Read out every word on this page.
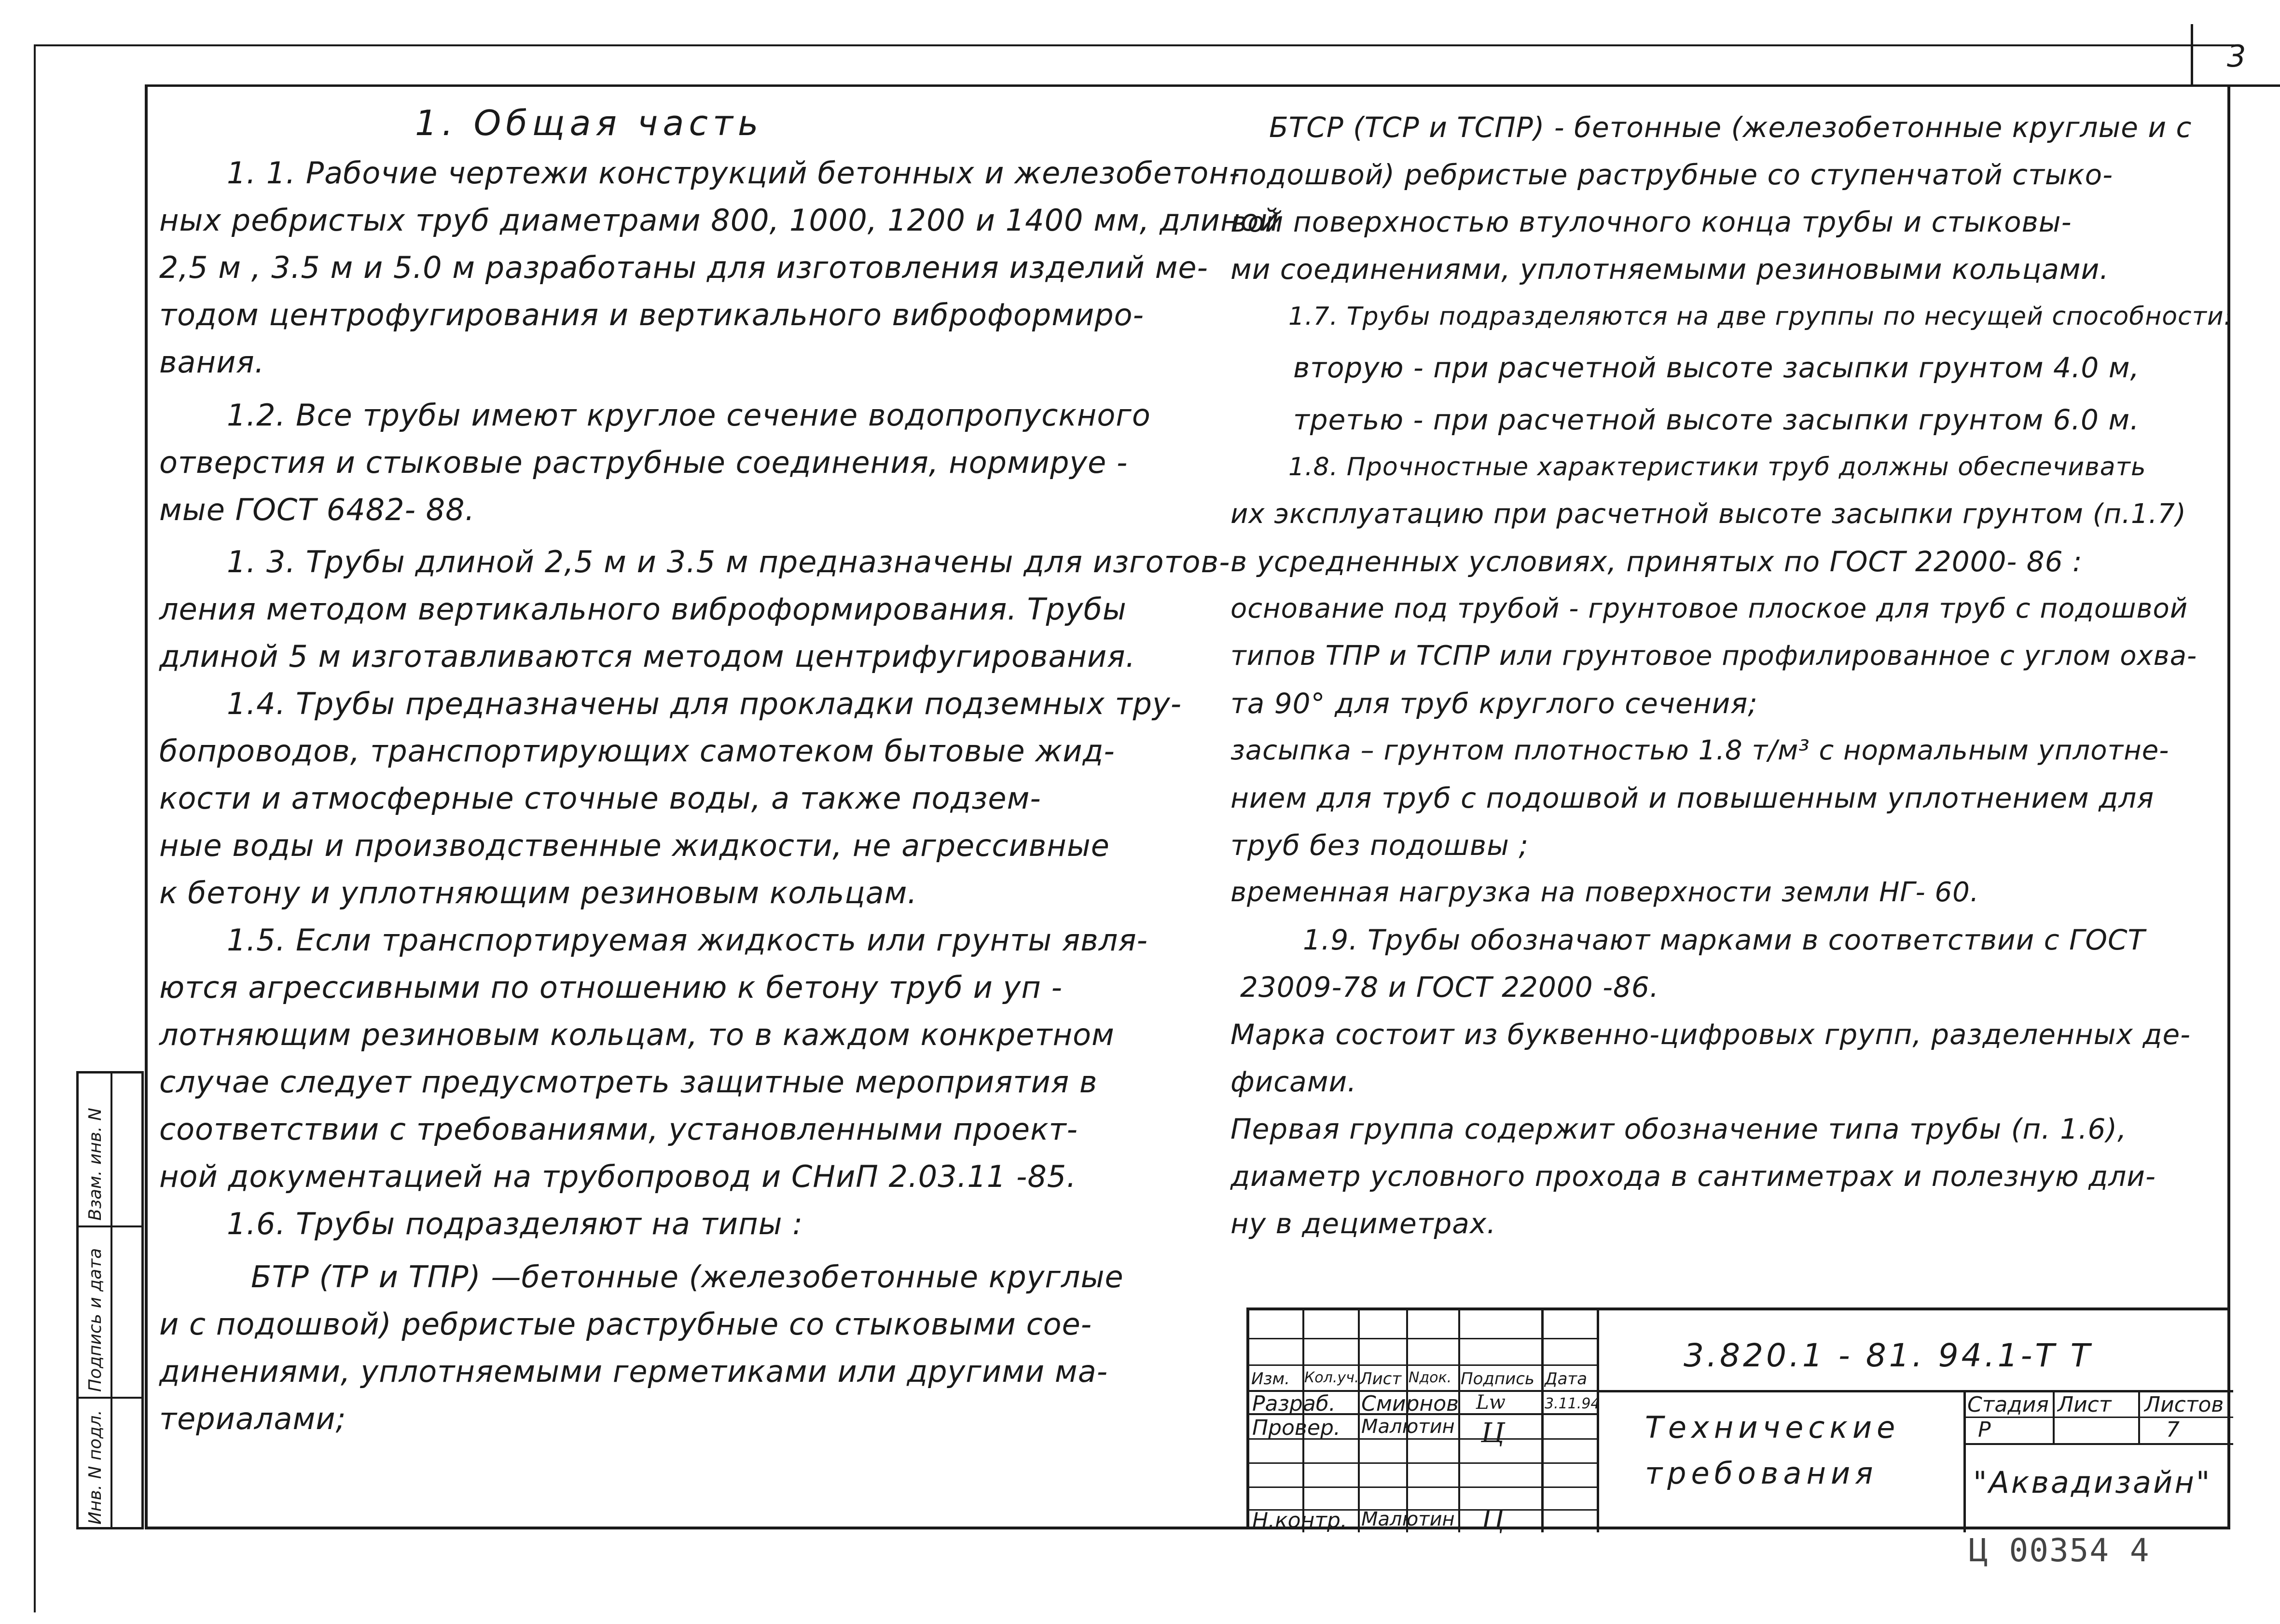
3
Инв. N подл.
Подпись и дата
Взам. инв. N
1. Общая часть
1. 1. Рабочие чертежи конструкций бетонных и железобетон-
ных ребристых труб диаметрами 800, 1000, 1200 и 1400 мм, длиной
2,5 м , 3.5 м и 5.0 м разработаны для изготовления изделий ме-
тодом центрофугирования и вертикального виброформиро-
вания.
1.2. Все трубы имеют круглое сечение водопропускного
отверстия и стыковые раструбные соединения, нормируе -
мые ГОСТ 6482- 88.
1. 3. Трубы длиной 2,5 м и 3.5 м предназначены для изготов-
ления методом вертикального виброформирования. Трубы
длиной 5 м изготавливаются методом центрифугирования.
1.4. Трубы предназначены для прокладки подземных тру-
бопроводов, транспортирующих самотеком бытовые жид-
кости и атмосферные сточные воды, а также подзем-
ные воды и производственные жидкости, не агрессивные
к бетону и уплотняющим резиновым кольцам.
1.5. Если транспортируемая жидкость или грунты явля-
ются агрессивными по отношению к бетону труб и уп -
лотняющим резиновым кольцам, то в каждом конкретном
случае следует предусмотреть защитные мероприятия в
соответствии с требованиями, установленными проект-
ной документацией на трубопровод и СНиП 2.03.11 -85.
1.6. Трубы подразделяют на типы :
БТР (ТР и ТПР) —бетонные (железобетонные круглые
и с подошвой) ребристые раструбные со стыковыми сое-
динениями, уплотняемыми герметиками или другими ма-
териалами;
БТСР (ТСР и ТСПР) - бетонные (железобетонные круглые и с
подошвой) ребристые раструбные со ступенчатой стыко-
вой поверхностью втулочного конца трубы и стыковы-
ми соединениями, уплотняемыми резиновыми кольцами.
1.7. Трубы подразделяются на две группы по несущей способности:
вторую - при расчетной высоте засыпки грунтом 4.0 м,
третью - при расчетной высоте засыпки грунтом 6.0 м.
1.8. Прочностные характеристики труб должны обеспечивать
их эксплуатацию при расчетной высоте засыпки грунтом (п.1.7)
в усредненных условиях, принятых по ГОСТ 22000- 86 :
основание под трубой - грунтовое плоское для труб с подошвой
типов ТПР и ТСПР или грунтовое профилированное с углом охва-
та 90° для труб круглого сечения;
засыпка – грунтом плотностью 1.8 т/м³ с нормальным уплотне-
нием для труб с подошвой и повышенным уплотнением для
труб без подошвы ;
временная нагрузка на поверхности земли НГ- 60.
1.9. Трубы обозначают марками в соответствии с ГОСТ
23009-78 и ГОСТ 22000 -86.
Марка состоит из буквенно-цифровых групп, разделенных де-
фисами.
Первая группа содержит обозначение типа трубы (п. 1.6),
диаметр условного прохода в сантиметрах и полезную дли-
ну в дециметрах.
Изм. Кол.уч. Лист Nдок. Подпись Дата
Разраб.
Провер.
Н.контр.
Смирнов
Малютин
Малютин
Lw
Ц
Ц
3.11.94
3.820.1 - 81. 94.1-Т Т
Технические
требования
Стадия Лист Листов
Р	7
"Аквадизайн"
Ц 00354 4
